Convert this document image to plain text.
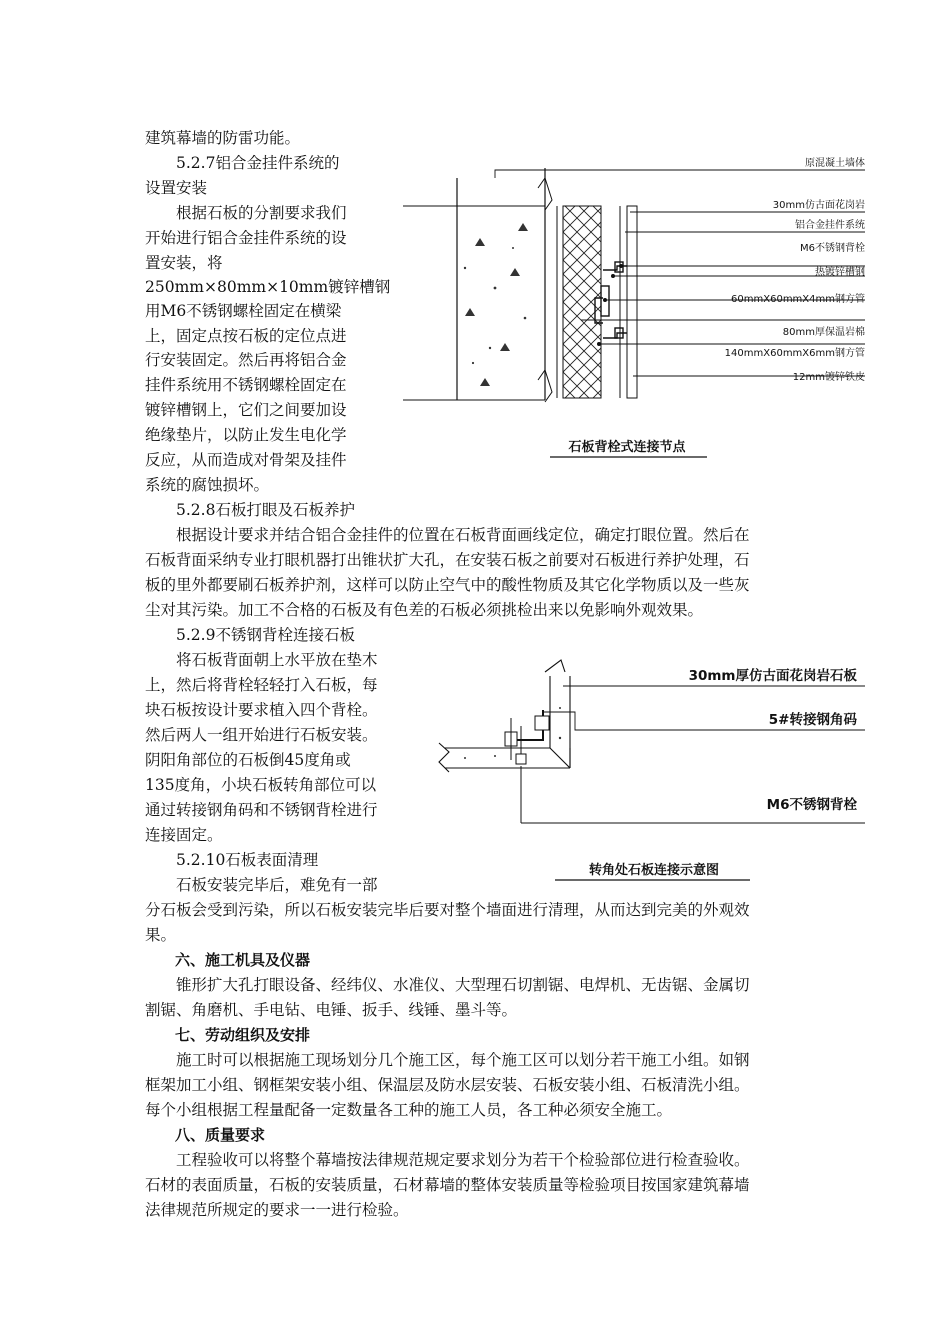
建筑幕墙的防雷功能。
　　5.2.7铝合金挂件系统的
设置安装
　　根据石板的分割要求我们
开始进行铝合金挂件系统的设
置安装，将
250mm×80mm×10mm镀锌槽钢
用M6不锈钢螺栓固定在横梁
上，固定点按石板的定位点进
行安装固定。然后再将铝合金
挂件系统用不锈钢螺栓固定在
镀锌槽钢上，它们之间要加设
绝缘垫片，以防止发生电化学
反应，从而造成对骨架及挂件
系统的腐蚀损坏。
　　5.2.8石板打眼及石板养护
原混凝土墙体
30mm仿古面花岗岩
铝合金挂件系统
M6不锈钢背栓
热镀锌槽钢
60mmX60mmX4mm钢方管
80mm厚保温岩棉
140mmX60mmX6mm钢方管
12mm镀锌铁皮
石板背栓式连接节点
　　根据设计要求并结合铝合金挂件的位置在石板背面画线定位，确定打眼位置。然后在
石板背面采纳专业打眼机器打出锥状扩大孔，在安装石板之前要对石板进行养护处理，石
板的里外都要刷石板养护剂，这样可以防止空气中的酸性物质及其它化学物质以及一些灰
尘对其污染。加工不合格的石板及有色差的石板必须挑检出来以免影响外观效果。
　　5.2.9不锈钢背栓连接石板
　　将石板背面朝上水平放在垫木
上，然后将背栓轻轻打入石板，每
块石板按设计要求植入四个背栓。
然后两人一组开始进行石板安装。
阴阳角部位的石板倒45度角或
135度角，小块石板转角部位可以
通过转接钢角码和不锈钢背栓进行
连接固定。
　　5.2.10石板表面清理
　　石板安装完毕后，难免有一部
30mm厚仿古面花岗岩石板
5#转接钢角码
M6不锈钢背栓
转角处石板连接示意图
分石板会受到污染，所以石板安装完毕后要对整个墙面进行清理，从而达到完美的外观效
果。
　　六、施工机具及仪器
　　锥形扩大孔打眼设备、经纬仪、水准仪、大型理石切割锯、电焊机、无齿锯、金属切
割锯、角磨机、手电钻、电锤、扳手、线锤、墨斗等。
　　七、劳动组织及安排
　　施工时可以根据施工现场划分几个施工区，每个施工区可以划分若干施工小组。如钢
框架加工小组、钢框架安装小组、保温层及防水层安装、石板安装小组、石板清洗小组。
每个小组根据工程量配备一定数量各工种的施工人员，各工种必须安全施工。
　　八、质量要求
　　工程验收可以将整个幕墙按法律规范规定要求划分为若干个检验部位进行检查验收。
石材的表面质量，石板的安装质量，石材幕墙的整体安装质量等检验项目按国家建筑幕墙
法律规范所规定的要求一一进行检验。
